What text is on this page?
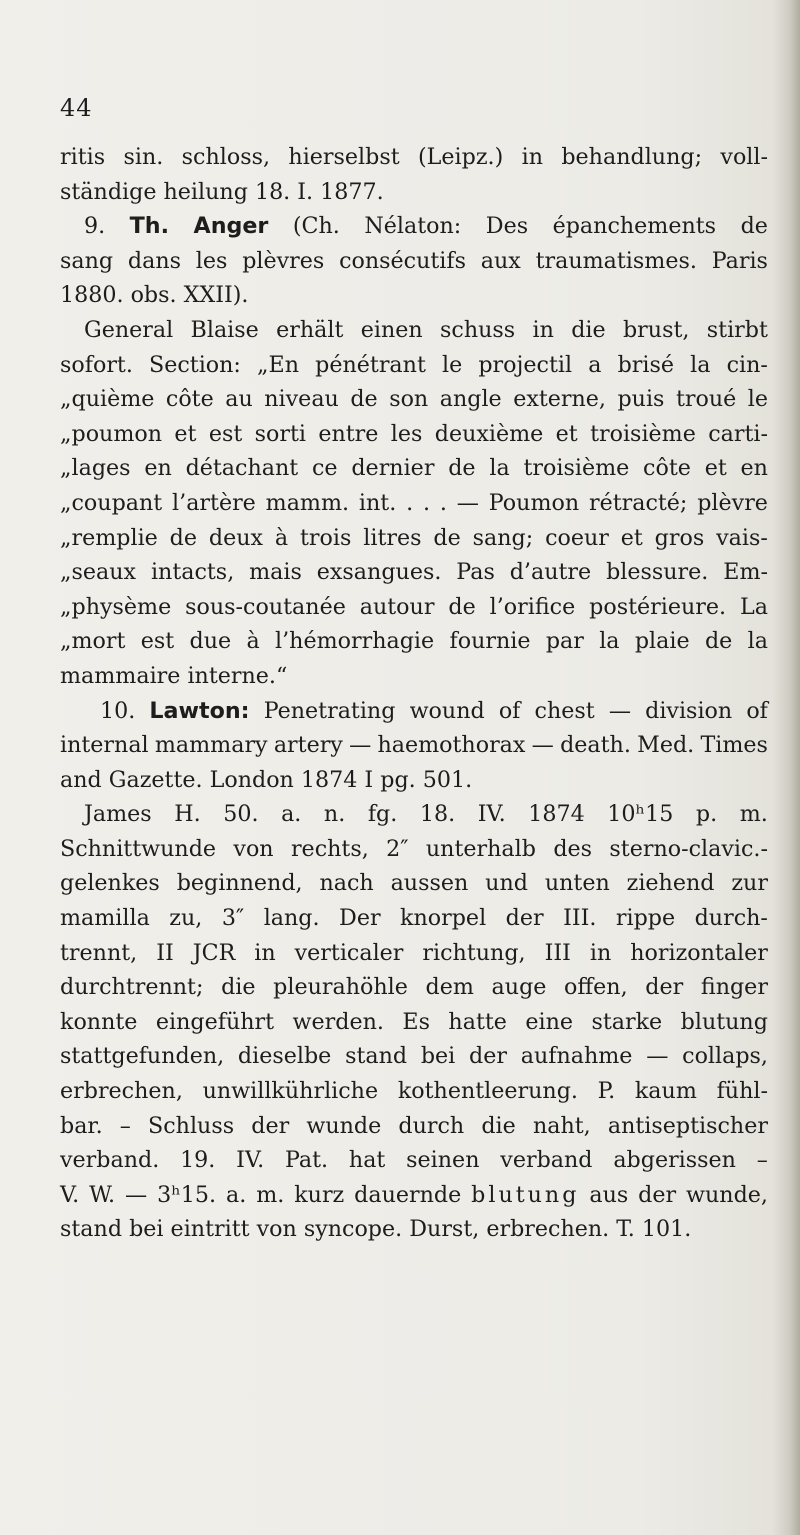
44
ritis sin. schloss, hierselbst (Leipz.) in behandlung; voll-
ständige heilung 18. I. 1877.
9. Th. Anger (Ch. Nélaton: Des épanchements de
sang dans les plèvres consécutifs aux traumatismes. Paris
1880. obs. XXII).
General Blaise erhält einen schuss in die brust, stirbt
sofort. Section: „En pénétrant le projectil a brisé la cin-
„quième côte au niveau de son angle externe, puis troué le
„poumon et est sorti entre les deuxième et troisième carti-
„lages en détachant ce dernier de la troisième côte et en
„coupant l’artère mamm. int. . . . — Poumon rétracté; plèvre
„remplie de deux à trois litres de sang; coeur et gros vais-
„seaux intacts, mais exsangues. Pas d’autre blessure. Em-
„physème sous-coutanée autour de l’orifice postérieure. La
„mort est due à l’hémorrhagie fournie par la plaie de la
mammaire interne.“
10. Lawton: Penetrating wound of chest — division of
internal mammary artery — haemothorax — death. Med. Times
and Gazette. London 1874 I pg. 501.
James H. 50. a. n. fg. 18. IV. 1874 10ʰ15 p. m.
Schnittwunde von rechts, 2″ unterhalb des sterno-clavic.-
gelenkes beginnend, nach aussen und unten ziehend zur
mamilla zu, 3″ lang. Der knorpel der III. rippe durch-
trennt, II JCR in verticaler richtung, III in horizontaler
durchtrennt; die pleurahöhle dem auge offen, der finger
konnte eingeführt werden. Es hatte eine starke blutung
stattgefunden, dieselbe stand bei der aufnahme — collaps,
erbrechen, unwillkührliche kothentleerung. P. kaum fühl-
bar. – Schluss der wunde durch die naht, antiseptischer
verband. 19. IV. Pat. hat seinen verband abgerissen –
V. W. — 3ʰ15. a. m. kurz dauernde blutung aus der wunde,
stand bei eintritt von syncope. Durst, erbrechen. T. 101.
